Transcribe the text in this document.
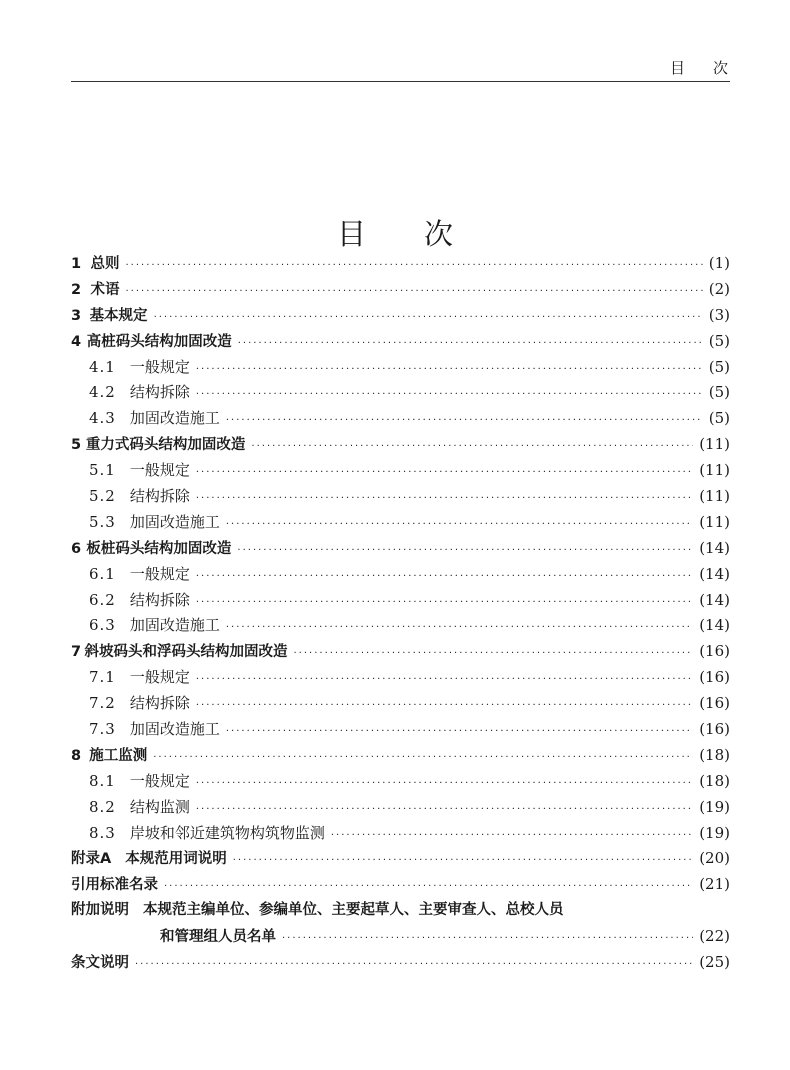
目 次
目 次
1 总则 ·····	(1)
2 术语 ·····	(2)
3 基本规定 ·····	(3)
4 高桩码头结构加固改造 ·····	(5)
4.1 一般规定 ·····	(5)
4.2 结构拆除 ·····	(5)
4.3 加固改造施工 ·····	(5)
5 重力式码头结构加固改造 ·····	(11)
5.1 一般规定 ·····	(11)
5.2 结构拆除 ·····	(11)
5.3 加固改造施工 ·····	(11)
6 板桩码头结构加固改造 ·····	(14)
6.1 一般规定 ·····	(14)
6.2 结构拆除 ·····	(14)
6.3 加固改造施工 ·····	(14)
7 斜坡码头和浮码头结构加固改造 ·····	(16)
7.1 一般规定 ·····	(16)
7.2 结构拆除 ·····	(16)
7.3 加固改造施工 ·····	(16)
8 施工监测 ·····	(18)
8.1 一般规定 ·····	(18)
8.2 结构监测 ·····	(19)
8.3 岸坡和邻近建筑物构筑物监测 ·····	(19)
附录A 本规范用词说明 ·····	(20)
引用标准名录 ·····	(21)
附加说明 本规范主编单位、参编单位、主要起草人、主要审查人、总校人员
和管理组人员名单 ·····	(22)
条文说明 ·····	(25)
